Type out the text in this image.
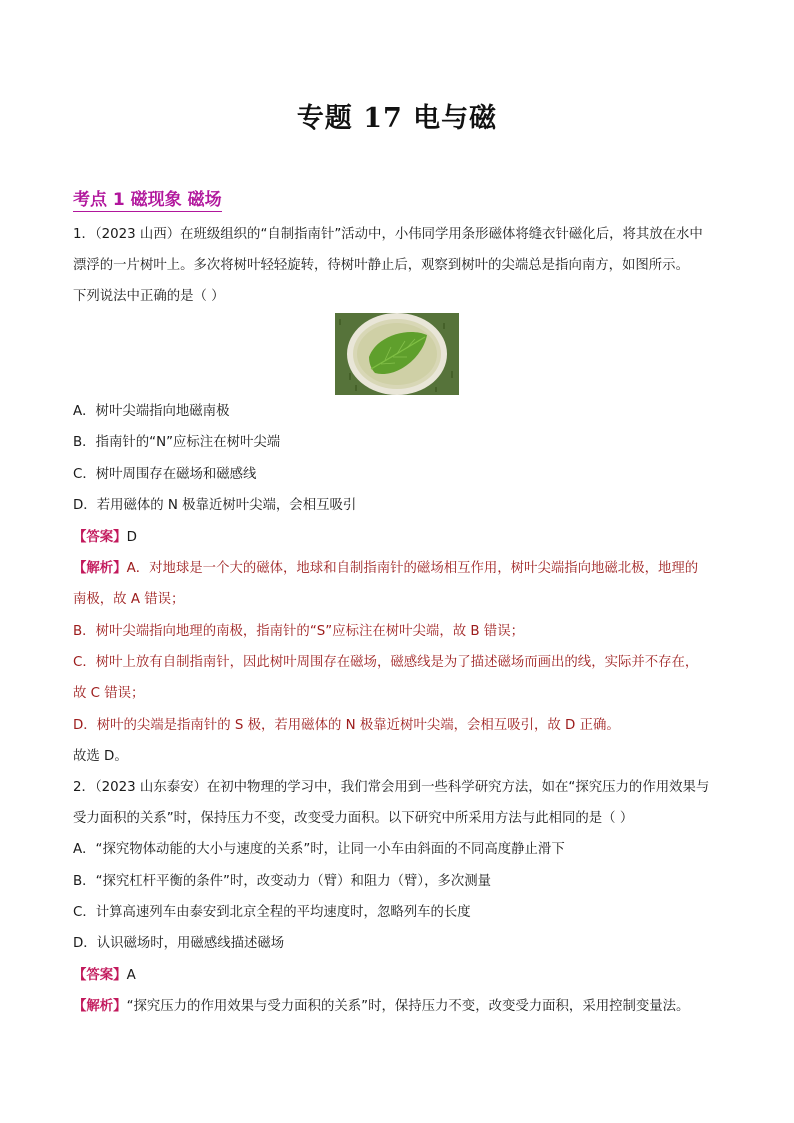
专题 17 电与磁
考点 1 磁现象 磁场
1．（2023 山西）在班级组织的“自制指南针”活动中，小伟同学用条形磁体将缝衣针磁化后，将其放在水中
漂浮的一片树叶上。多次将树叶轻轻旋转，待树叶静止后，观察到树叶的尖端总是指向南方，如图所示。
下列说法中正确的是（ ）
A．树叶尖端指向地磁南极
B．指南针的“N”应标注在树叶尖端
C．树叶周围存在磁场和磁感线
D．若用磁体的 N 极靠近树叶尖端，会相互吸引
【答案】D
【解析】A．对地球是一个大的磁体，地球和自制指南针的磁场相互作用，树叶尖端指向地磁北极，地理的
南极，故 A 错误；
B．树叶尖端指向地理的南极，指南针的“S”应标注在树叶尖端，故 B 错误；
C．树叶上放有自制指南针，因此树叶周围存在磁场，磁感线是为了描述磁场而画出的线，实际并不存在，
故 C 错误；
D．树叶的尖端是指南针的 S 极，若用磁体的 N 极靠近树叶尖端，会相互吸引，故 D 正确。
故选 D。
2．（2023 山东泰安）在初中物理的学习中，我们常会用到一些科学研究方法，如在“探究压力的作用效果与
受力面积的关系”时，保持压力不变，改变受力面积。以下研究中所采用方法与此相同的是（ ）
A．“探究物体动能的大小与速度的关系”时，让同一小车由斜面的不同高度静止滑下
B．“探究杠杆平衡的条件”时，改变动力（臂）和阻力（臂），多次测量
C．计算高速列车由泰安到北京全程的平均速度时，忽略列车的长度
D．认识磁场时，用磁感线描述磁场
【答案】A
【解析】“探究压力的作用效果与受力面积的关系”时，保持压力不变，改变受力面积，采用控制变量法。
